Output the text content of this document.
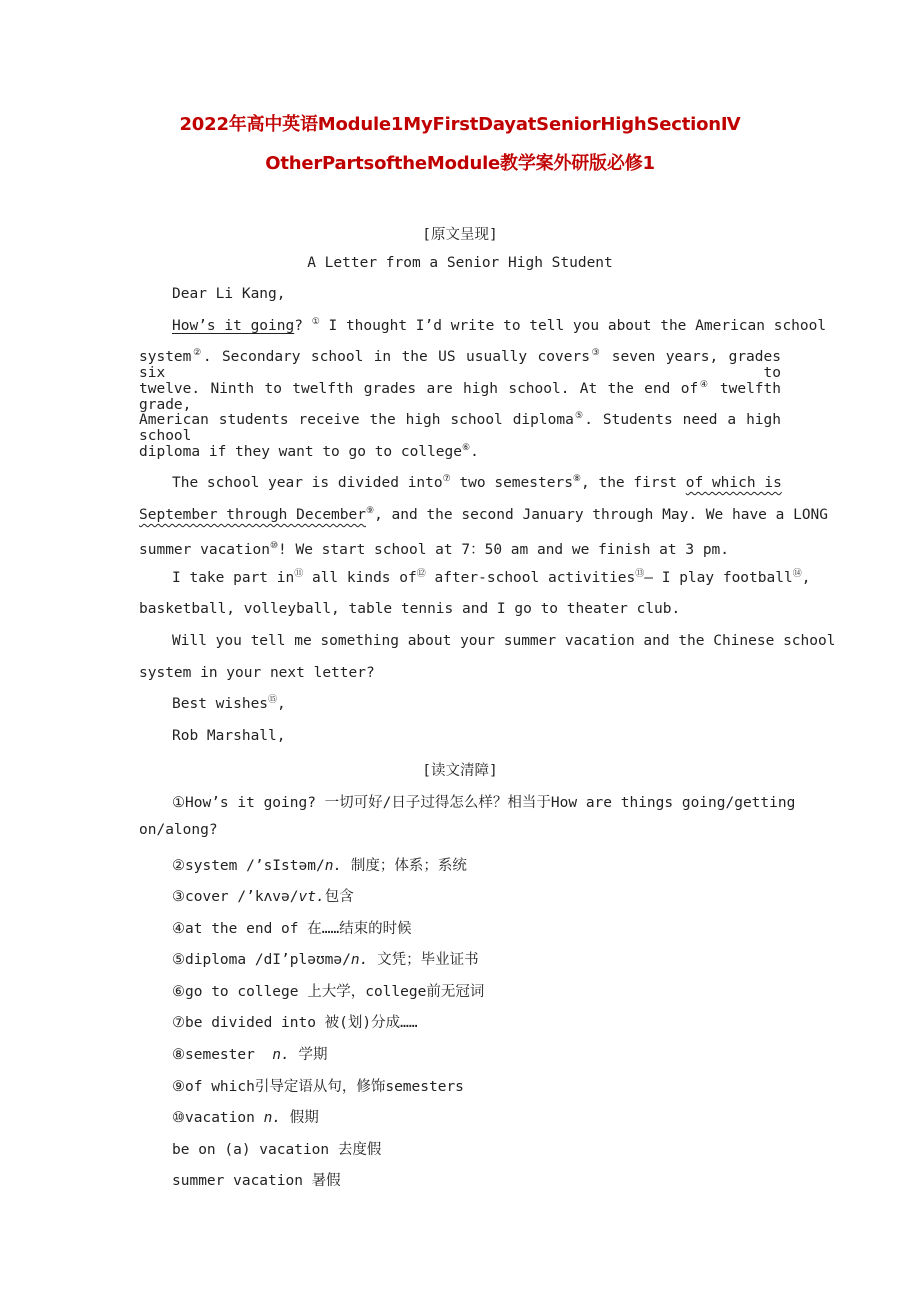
2022年高中英语Module1MyFirstDayatSeniorHighSectionⅣ
OtherPartsoftheModule教学案外研版必修1
[原文呈现]
A Letter from a Senior High Student
Dear Li Kang,
How’s it going? ① I thought I’d write to tell you about the American school
system②. Secondary school in the US usually covers③ seven years, grades six to
twelve. Ninth to twelfth grades are high school. At the end of④ twelfth grade,
American students receive the high school diploma⑤. Students need a high school
diploma if they want to go to college⑥.
The school year is divided into⑦ two semesters⑧, the first of which is
September through December⑨, and the second January through May. We have a LONG
summer vacation⑩! We start school at 7：50 am and we finish at 3 pm.
I take part in⑪ all kinds of⑫ after-school activities⑬— I play football⑭,
basketball, volleyball, table tennis and I go to theater club.
Will you tell me something about your summer vacation and the Chinese school
system in your next letter?
Best wishes⑮,
Rob Marshall,
[读文清障]
①How’s it going? 一切可好/日子过得怎么样？相当于How are things going/getting
on/along?
②system /’sIstəm/n. 制度；体系；系统
③cover /’kʌvə/vt.包含
④at the end of 在……结束的时候
⑤diploma /dI’pləʊmə/n. 文凭；毕业证书
⑥go to college 上大学，college前无冠词
⑦be divided into 被(划)分成……
⑧semester  n. 学期
⑨of which引导定语从句，修饰semesters
⑩vacation n. 假期
be on (a) vacation 去度假
summer vacation 暑假
